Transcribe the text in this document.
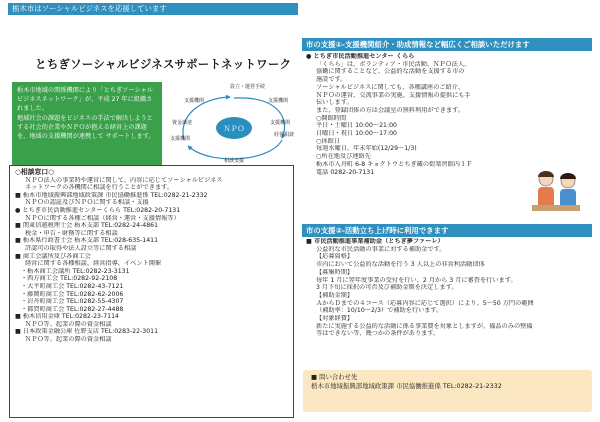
栃木市はソーシャルビジネスを応援しています
とちぎソーシャルビジネスサポートネットワーク

栃木市地域の関係機関により「とちぎソーシャルビジネスネットワーク」が、平成 27 年に組織されました。

地域社会の課題をビジネスの手法で解決しようとする社会的企業やＮＰＯが抱える経営上の課題を、地域の支援機関が連携して サポートします。

ＮＰＯ
設立・運営手続
支援機関	支援機関
資金調達
支援機関
支援機関
経営相談
相談支援
○相談窓口○
ＮＰＯ法人の事業時や運営に関して、内容に応じてソーシャルビジネス
ネットワークの各機関に相談を行うことができます。
■ 栃木市地域振興部地域政策課 市民協働推進係 TEL:0282-21-2332
ＮＰＯの認証及びＮＰＯに関する相談・支援
● とちぎ市民活動推進センターくらら TEL:0282-20-7131
ＮＰＯに関する各種ご相談（経営・運営・支援情報等）
■ 関東信越税理士会 栃木支部 TEL:0282-24-4861
税金・申告・財務等に関する相談
■ 栃木県行政書士会 栃木支部 TEL:028-635-1411
許認可の取得や法人設立等に関する相談
■ 商工会議所及び各商工会
経営に関する各種相談、経営指導、イベント開催
・栃木商工会議所 TEL:0282-23-3131
・西方商工会 TEL:0282-92-2108
・大平町商工会 TEL:0282-43-7121
・藤岡町商工会 TEL:0282-62-2006
・岩舟町商工会 TEL:0282-55-4307
・都賀町商工会 TEL:0282-27-4488
■ 栃木信用金庫 TEL:0282-23-7114
ＮＰＯ等、起業の際の資金相談
■ 日本政策金融公庫 佐野支店 TEL:0283-22-3011
ＮＰＯ等、起業の際の資金相談
市の支援①-支援機関紹介・助成情報など幅広くご相談いただけます
● とちぎ市民活動推進センター くらら
「くらら」は、ボランティア・市民活動、ＮＰＯ法人、
協働に関することなど、公益的な活動を支援する市の
施設です。
ソーシャルビジネスに関しても、各種講座のご紹介、
ＮＰＯの運営、交流事業の実施、支援情報の提供にも手
伝いします。
また、登録団体の方は会議室の無料利用ができます。
○開館時間
平日・土曜日 10:00～21:00
日曜日・祝日 10:00～17:00
○休館日
毎週水曜日、年末年始(12/29～1/3)
○所在地及び連絡先
栃木市入舟町 6-8 キョクトウとちぎ蔵の街楽習館内１Ｆ
電話 0282-20-7131
市の支援②-活動立ち上げ時に利用できます
■ 市民活動推進事業補助金（とちぎ夢ファーレ）
公益的な市民活動の事業に対する補助金です。
【応募資格】
市内において公益的な活動を行う 3 人以上の非営利活動団体
【募集時期】
毎年 1 月に翌年度事業の受付を行い、2 月から 3 月に審査を行います。
3 月下旬に採択の可否及び補助金額を決定します。
【補助金額】
ＡからＤまでの４コース（応募内容に応じて選択）により、5～50 万円の範囲
（補助率：10/10～2/3）で補助を行います。
【対象経費】
新たに実施する公益的な活動に係る事業費を対象としますが、備品のみの整備
等はできない等、幾つかの条件があります。
■ 問い合わせ先
栃木市地域振興部地域政策課 市民協働推進係 TEL:0282-21-2332
